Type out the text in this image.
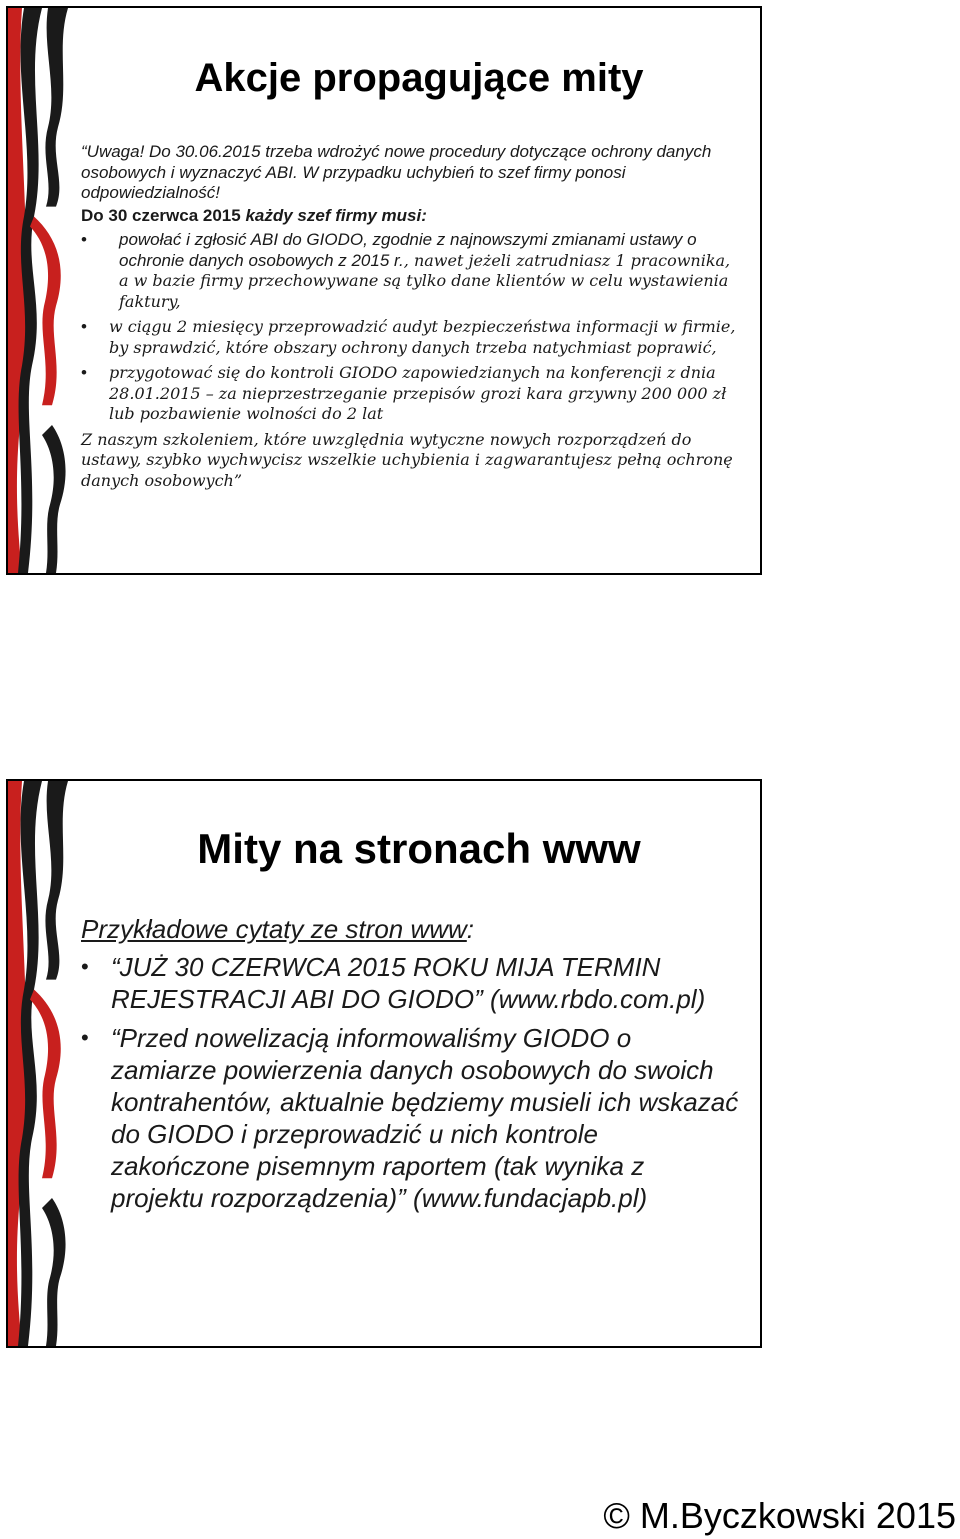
Akcje propagujące mity

“Uwaga! Do 30.06.2015 trzeba wdrożyć nowe procedury dotyczące ochrony danych osobowych i wyznaczyć ABI. W przypadku uchybień to szef firmy ponosi odpowiedzialność!

Do 30 czerwca 2015 każdy szef firmy musi:

• powołać i zgłosić ABI do GIODO, zgodnie z najnowszymi zmianami ustawy o ochronie danych osobowych z 2015 r., nawet jeżeli zatrudniasz 1 pracownika, a w bazie firmy przechowywane są tylko dane klientów w celu wystawienia faktury,
• w ciągu 2 miesięcy przeprowadzić audyt bezpieczeństwa informacji w firmie, by sprawdzić, które obszary ochrony danych trzeba natychmiast poprawić,
• przygotować się do kontroli GIODO zapowiedzianych na konferencji z dnia 28.01.2015 – za nieprzestrzeganie przepisów grozi kara grzywny 200 000 zł lub pozbawienie wolności do 2 lat

Z naszym szkoleniem, które uwzględnia wytyczne nowych rozporządzeń do ustawy, szybko wychwycisz wszelkie uchybienia i zagwarantujesz pełną ochronę danych osobowych”

Mity na stronach www

Przykładowe cytaty ze stron www:

• “JUŻ 30 CZERWCA 2015 ROKU MIJA TERMIN REJESTRACJI ABI DO GIODO” (www.rbdo.com.pl)
• “Przed nowelizacją informowaliśmy GIODO o zamiarze powierzenia danych osobowych do swoich kontrahentów, aktualnie będziemy musieli ich wskazać do GIODO i przeprowadzić u nich kontrole zakończone pisemnym raportem (tak wynika z projektu rozporządzenia)” (www.fundacjapb.pl)
© M.Byczkowski 2015
